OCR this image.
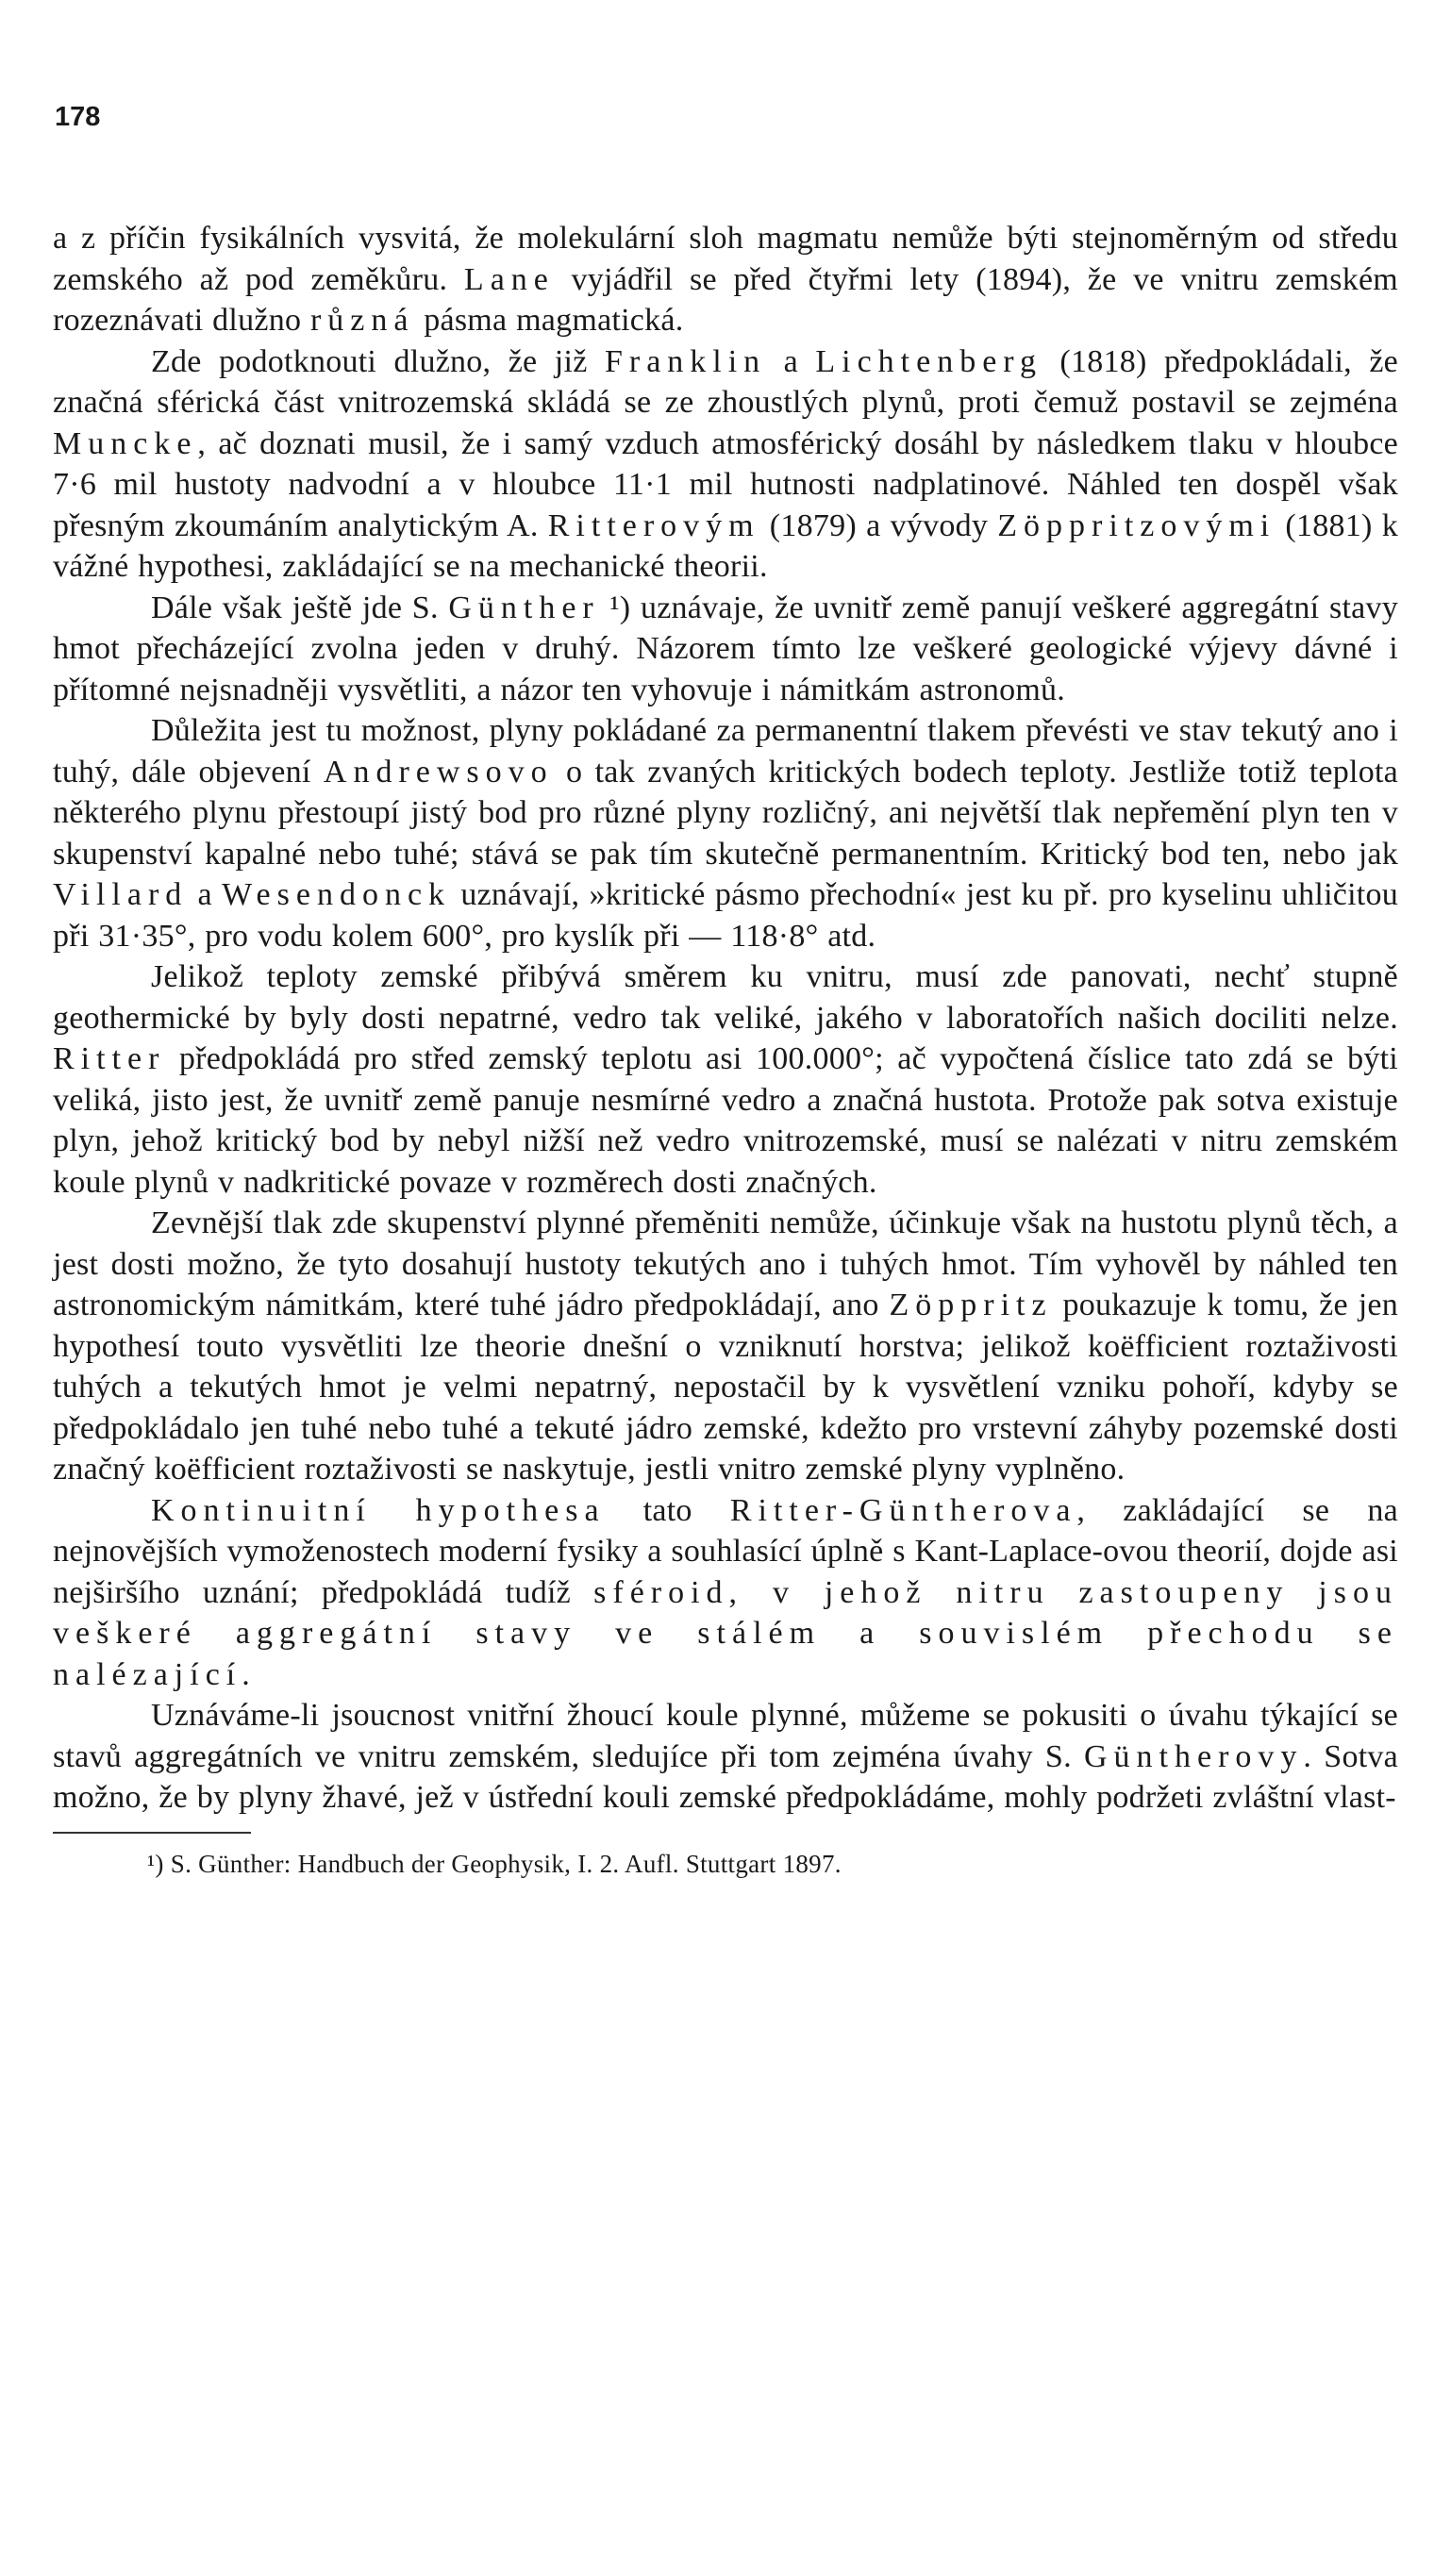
178

a z příčin fysikálních vysvitá, že molekulární sloh magmatu nemůže býti stejnoměrným od středu zemského až pod zeměkůru. Lane vyjádřil se před čtyřmi lety (1894), že ve vnitru zemském rozeznávati dlužno různá pásma magmatická.

Zde podotknouti dlužno, že již Franklin a Lichtenberg (1818) předpokládali, že značná sférická část vnitrozemská skládá se ze zhoustlých plynů, proti čemuž postavil se zejména Muncke, ač doznati musil, že i samý vzduch atmosférický dosáhl by následkem tlaku v hloubce 7·6 mil hustoty nadvodní a v hloubce 11·1 mil hutnosti nadplatinové. Náhled ten dospěl však přesným zkoumáním analytickým A. Ritterovým (1879) a vývody Zöppritzovými (1881) k vážné hypothesi, zakládající se na mechanické theorii.

Dále však ještě jde S. Günther ¹) uznávaje, že uvnitř země panují veškeré aggregátní stavy hmot přecházející zvolna jeden v druhý. Názorem tímto lze veškeré geologické výjevy dávné i přítomné nejsnadněji vysvětliti, a názor ten vyhovuje i námitkám astronomů.

Důležita jest tu možnost, plyny pokládané za permanentní tlakem převésti ve stav tekutý ano i tuhý, dále objevení Andrewsovo o tak zvaných kritických bodech teploty. Jestliže totiž teplota některého plynu přestoupí jistý bod pro různé plyny rozličný, ani největší tlak nepřemění plyn ten v skupenství kapalné nebo tuhé; stává se pak tím skutečně permanentním. Kritický bod ten, nebo jak Villard a Wesendonck uznávají, »kritické pásmo přechodní« jest ku př. pro kyselinu uhličitou při 31·35°, pro vodu kolem 600°, pro kyslík při — 118·8° atd.

Jelikož teploty zemské přibývá směrem ku vnitru, musí zde panovati, nechť stupně geothermické by byly dosti nepatrné, vedro tak veliké, jakého v laboratořích našich dociliti nelze. Ritter předpokládá pro střed zemský teplotu asi 100.000°; ač vypočtená číslice tato zdá se býti veliká, jisto jest, že uvnitř země panuje nesmírné vedro a značná hustota. Protože pak sotva existuje plyn, jehož kritický bod by nebyl nižší než vedro vnitrozemské, musí se nalézati v nitru zemském koule plynů v nadkritické povaze v rozměrech dosti značných.

Zevnější tlak zde skupenství plynné přeměniti nemůže, účinkuje však na hustotu plynů těch, a jest dosti možno, že tyto dosahují hustoty tekutých ano i tuhých hmot. Tím vyhověl by náhled ten astronomickým námitkám, které tuhé jádro předpokládají, ano Zöppritz poukazuje k tomu, že jen hypothesí touto vysvětliti lze theorie dnešní o vzniknutí horstva; jelikož koëfficient roztaživosti tuhých a tekutých hmot je velmi nepatrný, nepostačil by k vysvětlení vzniku pohoří, kdyby se předpokládalo jen tuhé nebo tuhé a tekuté jádro zemské, kdežto pro vrstevní záhyby pozemské dosti značný koëfficient roztaživosti se naskytuje, jestli vnitro zemské plyny vyplněno.

Kontinuitní hypothesa tato Ritter-Güntherova, zakládající se na nejnovějších vymoženostech moderní fysiky a souhlasící úplně s Kant-Laplace-ovou theorií, dojde asi nejširšího uznání; předpokládá tudíž sféroid, v jehož nitru zastoupeny jsou veškeré aggregátní stavy ve stálém a souvislém přechodu se nalézající.

Uznáváme-li jsoucnost vnitřní žhoucí koule plynné, můžeme se pokusiti o úvahu týkající se stavů aggregátních ve vnitru zemském, sledujíce při tom zejména úvahy S. Güntherovy. Sotva možno, že by plyny žhavé, jež v ústřední kouli zemské předpokládáme, mohly podržeti zvláštní vlast-

¹) S. Günther: Handbuch der Geophysik, I. 2. Aufl. Stuttgart 1897.
